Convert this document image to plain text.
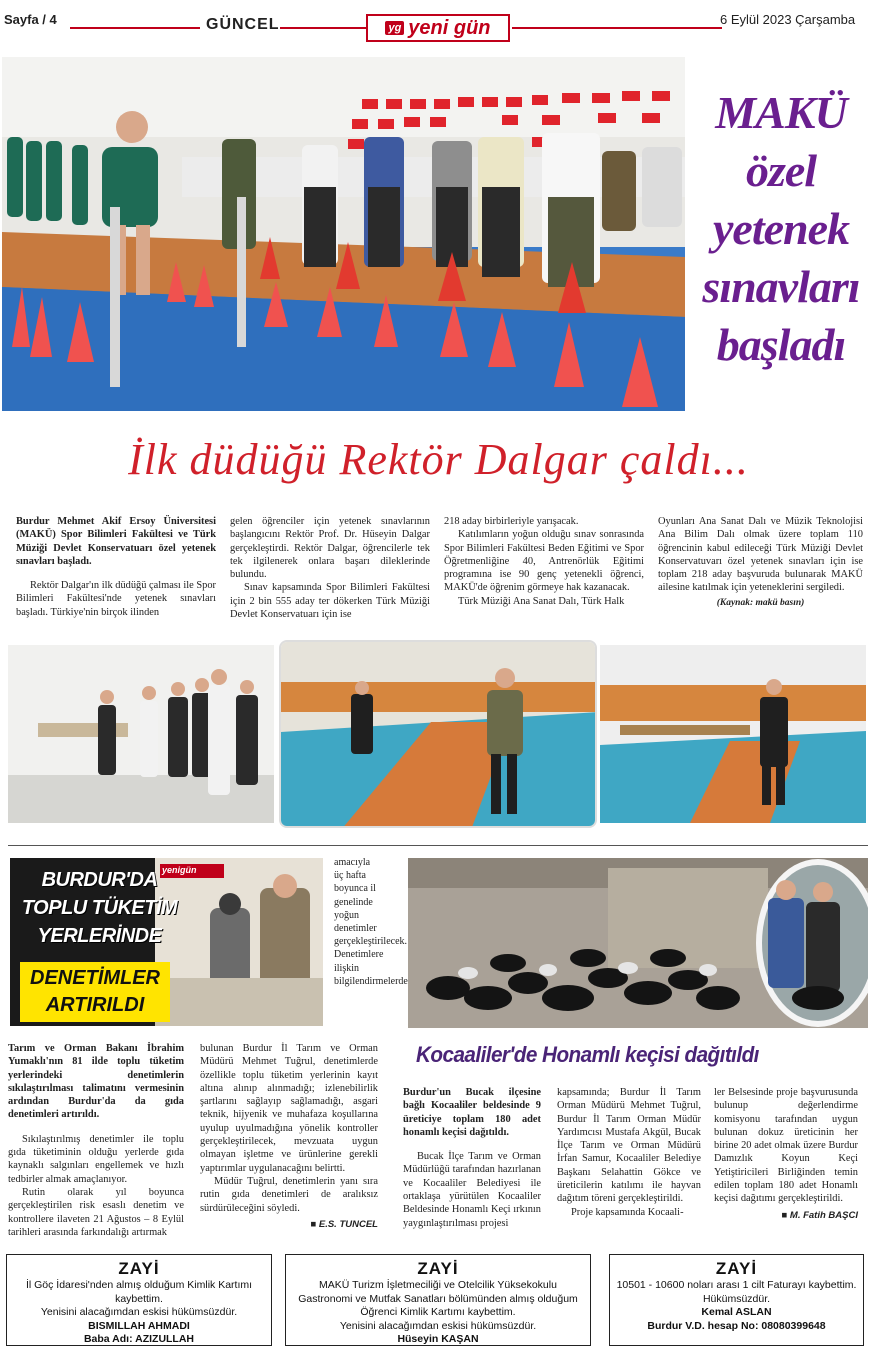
Sayfa / 4	GÜNCEL	yg yeni gün	6 Eylül 2023 Çarşamba
MAKÜ
özel
yetenek
sınavları
başladı
İlk düdüğü Rektör Dalgar çaldı...

Burdur Mehmet Akif Ersoy Üniversitesi (MAKÜ) Spor Bilimleri Fakültesi ve Türk Müziği Devlet Konservatuarı özel yetenek sınavları başladı.

Rektör Dalgar'ın ilk düdüğü çalması ile Spor Bilimleri Fakültesi'nde yetenek sınavları başladı. Türkiye'nin birçok ilinden

gelen öğrenciler için yetenek sınavlarının başlangıcını Rektör Prof. Dr. Hüseyin Dalgar gerçekleştirdi. Rektör Dalgar, öğrencilerle tek tek ilgilenerek onlara başarı dileklerinde bulundu.

Sınav kapsamında Spor Bilimleri Fakültesi için 2 bin 555 aday ter dökerken Türk Müziği Devlet Konservatuarı için ise

218 aday birbirleriyle yarışacak.

Katılımların yoğun olduğu sınav sonrasında Spor Bilimleri Fakültesi Beden Eğitimi ve Spor Öğretmenliğine 40, Antrenörlük Eğitimi programına ise 90 genç yetenekli öğrenci, MAKÜ'de öğrenim görmeye hak kazanacak.

Türk Müziği Ana Sanat Dalı, Türk Halk

Oyunları Ana Sanat Dalı ve Müzik Teknolojisi Ana Bilim Dalı olmak üzere toplam 110 öğrencinin kabul edileceği Türk Müziği Devlet Konservatuvarı özel yetenek sınavları için ise toplam 218 aday başvuruda bulunarak MAKÜ ailesine katılmak için yeteneklerini sergiledi.

(Kaynak: makü basın)
yenigün
BURDUR'DA
TOPLU TÜKETİM
YERLERİNDE
DENETİMLER
ARTIRILDI
amacıyla üç hafta boyunca il genelinde yoğun denetimler gerçekleştirilecek. Denetimlere ilişkin bilgilendirmelerde

Tarım ve Orman Bakanı İbrahim Yumaklı'nın 81 ilde toplu tüketim yerlerindeki denetimlerin sıkılaştırılması talimatını vermesinin ardından Burdur'da da gıda denetimleri artırıldı.

Sıkılaştırılmış denetimler ile toplu gıda tüketiminin olduğu yerlerde gıda kaynaklı salgınları engellemek ve hızlı tedbirler almak amaçlanıyor.

Rutin olarak yıl boyunca gerçekleştirilen risk esaslı denetim ve kontrollere ilaveten 21 Ağustos – 8 Eylül tarihleri arasında farkındalığı artırmak

bulunan Burdur İl Tarım ve Orman Müdürü Mehmet Tuğrul, denetimlerde özellikle toplu tüketim yerlerinin kayıt altına alınıp alınmadığı; izlenebilirlik şartlarını sağlayıp sağlamadığı, asgari teknik, hijyenik ve muhafaza koşullarına uyulup uyulmadığına yönelik kontroller gerçekleştirilecek, mevzuata uygun olmayan işletme ve ürünlerine gerekli yaptırımlar uygulanacağını belirtti.

Müdür Tuğrul, denetimlerin yanı sıra rutin gıda denetimleri de aralıksız sürdürüleceğini söyledi.

■ E.S. TUNCEL
Kocaaliler'de Honamlı keçisi dağıtıldı

Burdur'un Bucak ilçesine bağlı Kocaaliler beldesinde 9 üreticiye toplam 180 adet honamlı keçisi dağıtıldı.

Bucak İlçe Tarım ve Orman Müdürlüğü tarafından hazırlanan ve Kocaaliler Belediyesi ile ortaklaşa yürütülen Kocaaliler Beldesinde Honamlı Keçi ırkının yaygınlaştırılması projesi

kapsamında; Burdur İl Tarım Orman Müdürü Mehmet Tuğrul, Burdur İl Tarım Orman Müdür Yardımcısı Mustafa Akgül, Bucak İlçe Tarım ve Orman Müdürü İrfan Samur, Kocaaliler Belediye Başkanı Selahattin Gökce ve üreticilerin katılımı ile hayvan dağıtım töreni gerçekleştirildi.

Proje kapsamında Kocaali-

ler Belsesinde proje başvurusunda bulunup değerlendirme komisyonu tarafından uygun bulunan dokuz üreticinin her birine 20 adet olmak üzere Burdur Damızlık Koyun Keçi Yetiştiricileri Birliğinden temin edilen toplam 180 adet Honamlı keçisi dağıtımı gerçekleştirildi.

■ M. Fatih BAŞCI
ZAYİ
İl Göç İdaresi'nden almış olduğum Kimlik Kartımı kaybettim.
Yenisini alacağımdan eskisi hükümsüzdür.
BISMILLAH AHMADI
Baba Adı: AZIZULLAH
ZAYİ
MAKÜ Turizm İşletmeciliği ve Otelcilik Yüksekokulu Gastronomi ve Mutfak Sanatları bölümünden almış olduğum Öğrenci Kimlik Kartımı kaybettim.
Yenisini alacağımdan eskisi hükümsüzdür.
Hüseyin KAŞAN
ZAYİ
10501 - 10600 noları arası 1 cilt Faturayı kaybettim. Hükümsüzdür.
Kemal ASLAN
Burdur V.D. hesap No: 08080399648
